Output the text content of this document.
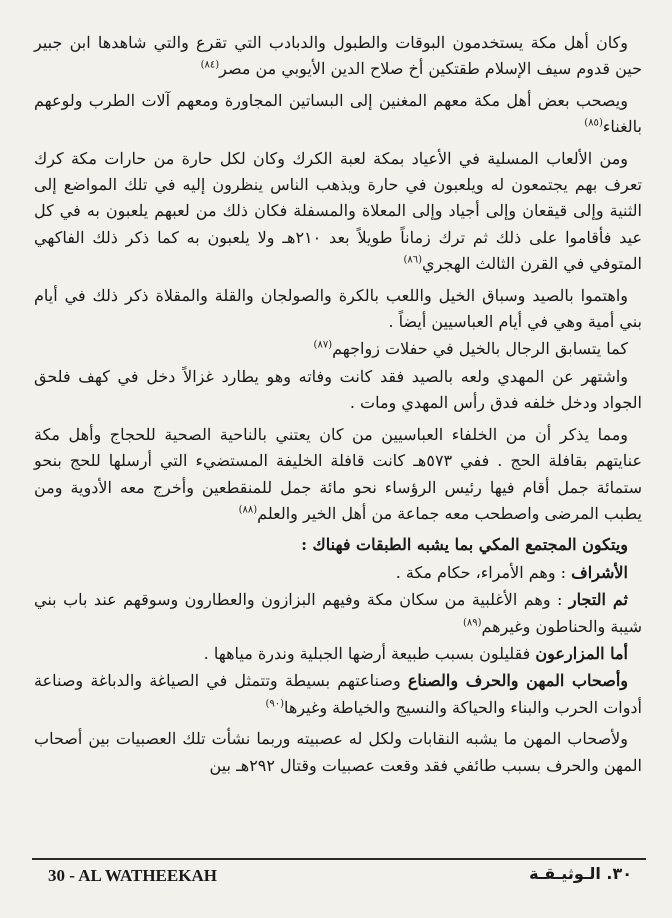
وكان أهل مكة يستخدمون البوقات والطبول والدبادب التي تقرع والتي شاهدها ابن جبير حين قدوم سيف الإسلام طقتكين أخ صلاح الدين الأيوبي من مصر$^{(٨٤)}$

ويصحب بعض أهل مكة معهم المغنين إلى البساتين المجاورة ومعهم آلات الطرب ولوعهم بالغناء$^{(٨٥)}$

ومن الألعاب المسلية في الأعياد بمكة لعبة الكرك وكان لكل حارة من حارات مكة كرك تعرف بهم يجتمعون له ويلعبون في حارة ويذهب الناس ينظرون إليه في تلك المواضع إلى الثنية وإلى قيقعان وإلى أجياد وإلى المعلاة والمسفلة فكان ذلك من لعبهم يلعبون به في كل عيد فأقاموا على ذلك ثم ترك زماناً طويلاً بعد ٢١٠هـ ولا يلعبون به كما ذكر ذلك الفاكهي المتوفي في القرن الثالث الهجري$^{(٨٦)}$

واهتموا بالصيد وسباق الخيل واللعب بالكرة والصولجان والقلة والمقلاة ذكر ذلك في أيام بني أمية وهي في أيام العباسيين أيضاً .

كما يتسابق الرجال بالخيل في حفلات زواجهم$^{(٨٧)}$

واشتهر عن المهدي ولعه بالصيد فقد كانت وفاته وهو يطارد غزالاً دخل في كهف فلحق الجواد ودخل خلفه فدق رأس المهدي ومات .

ومما يذكر أن من الخلفاء العباسيين من كان يعتني بالناحية الصحية للحجاج وأهل مكة عنايتهم بقافلة الحج . ففي ٥٧٣هـ كانت قافلة الخليفة المستضيء التي أرسلها للحج بنحو ستمائة جمل أقام فيها رئيس الرؤساء نحو مائة جمل للمنقطعين وأخرج معه الأدوية ومن يطبب المرضى واصطحب معه جماعة من أهل الخير والعلم$^{(٨٨)}$

ويتكون المجتمع المكي بما يشبه الطبقات فهناك :

الأشراف : وهم الأمراء، حكام مكة .

ثم التجار : وهم الأغلبية من سكان مكة وفيهم البزازون والعطارون وسوقهم عند باب بني شيبة والحناطون وغيرهم$^{(٨٩)}$

أما المزارعون فقليلون بسبب طبيعة أرضها الجبلية وندرة مياهها .

وأصحاب المهن والحرف والصناع وصناعتهم بسيطة وتتمثل في الصياغة والدباغة وصناعة أدوات الحرب والبناء والحياكة والنسيج والخياطة وغيرها$^{(٩٠)}$

ولأصحاب المهن ما يشبه النقابات ولكل له عصبيته وربما نشأت تلك العصبيات بين أصحاب المهن والحرف بسبب طائفي فقد وقعت عصبيات وقتال ٢٩٢هـ بين

30 - AL WATHEEKAH	٣٠. الـوثيـقـة
